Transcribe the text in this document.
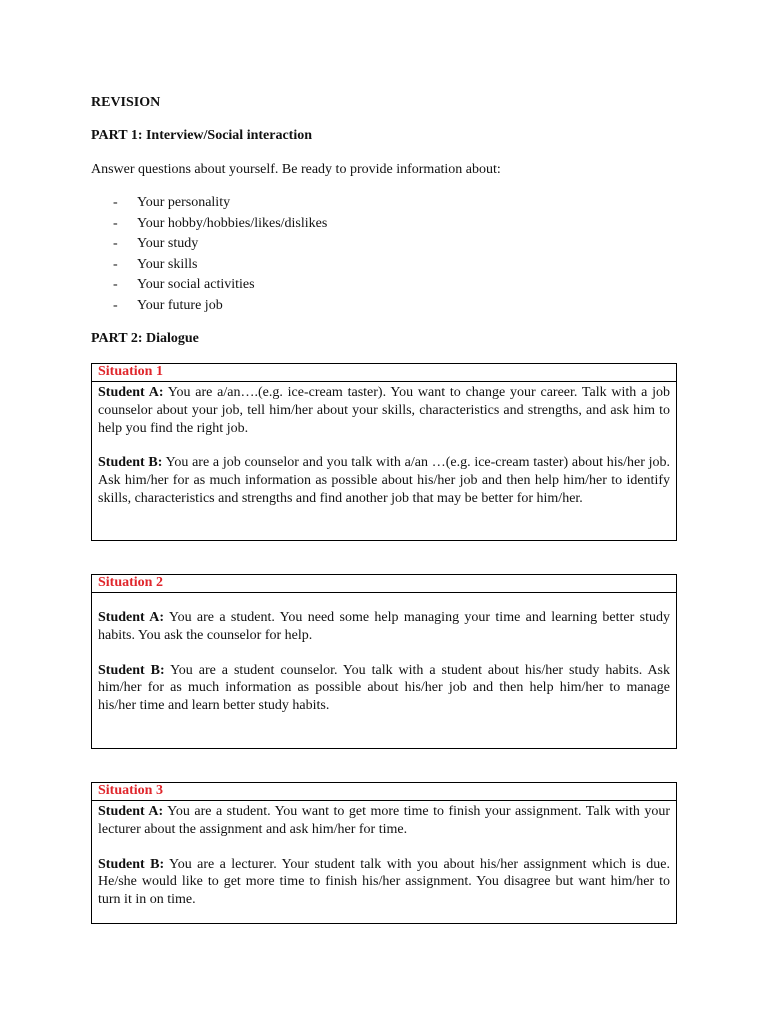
REVISION
PART 1: Interview/Social interaction
Answer questions about yourself. Be ready to provide information about:
- Your personality
- Your hobby/hobbies/likes/dislikes
- Your study
- Your skills
- Your social activities
- Your future job
PART 2: Dialogue
Situation 1

Student A: You are a/an….(e.g. ice-cream taster). You want to change your career. Talk with a job counselor about your job, tell him/her about your skills, characteristics and strengths, and ask him to help you find the right job.

Student B: You are a job counselor and you talk with a/an …(e.g. ice-cream taster) about his/her job. Ask him/her for as much information as possible about his/her job and then help him/her to identify skills, characteristics and strengths and find another job that may be better for him/her.

Situation 2

Student A: You are a student. You need some help managing your time and learning better study habits. You ask the counselor for help.

Student B: You are a student counselor. You talk with a student about his/her study habits. Ask him/her for as much information as possible about his/her job and then help him/her to manage his/her time and learn better study habits.

Situation 3

Student A: You are a student. You want to get more time to finish your assignment. Talk with your lecturer about the assignment and ask him/her for time.

Student B: You are a lecturer. Your student talk with you about his/her assignment which is due. He/she would like to get more time to finish his/her assignment. You disagree but want him/her to turn it in on time.
